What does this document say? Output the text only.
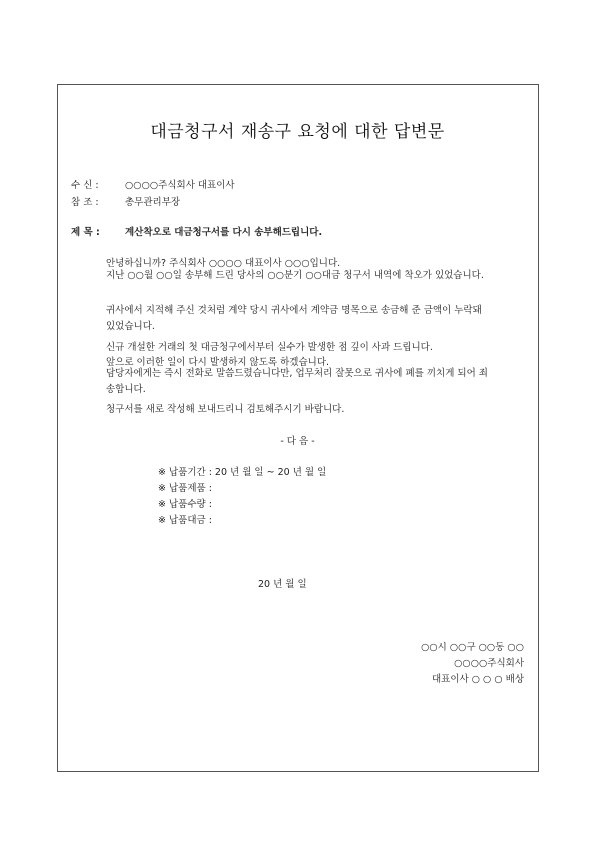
대금청구서 재송구 요청에 대한 답변문
수 신 :	○○○○주식회사 대표이사
참 조 :	총무관리부장
제 목 :	계산착오로 대금청구서를 다시 송부해드립니다.
안녕하십니까? 주식회사 ○○○○ 대표이사 ○○○입니다.
지난 ○○월 ○○일 송부해 드린 당사의 ○○분기 ○○대금 청구서 내역에 착오가 있었습니다.
귀사에서 지적해 주신 것처럼 계약 당시 귀사에서 계약금 명목으로 송금해 준 금액이 누락돼 있었습니다.
신규 개설한 거래의 첫 대금청구에서부터 실수가 발생한 점 깊이 사과 드립니다.
앞으로 이러한 일이 다시 발생하지 않도록 하겠습니다.
담당자에게는 즉시 전화로 말씀드렸습니다만, 업무처리 잘못으로 귀사에 폐를 끼치게 되어 죄송합니다.
청구서를 새로 작성해 보내드리니 검토해주시기 바랍니다.
- 다 음 -
※ 납품기간 : 20 년 월 일 ~ 20 년 월 일
※ 납품제품 :
※ 납품수량 :
※ 납품대금 :
20 년 월 일
○○시 ○○구 ○○동 ○○
○○○○주식회사
대표이사 ○ ○ ○ 배상
